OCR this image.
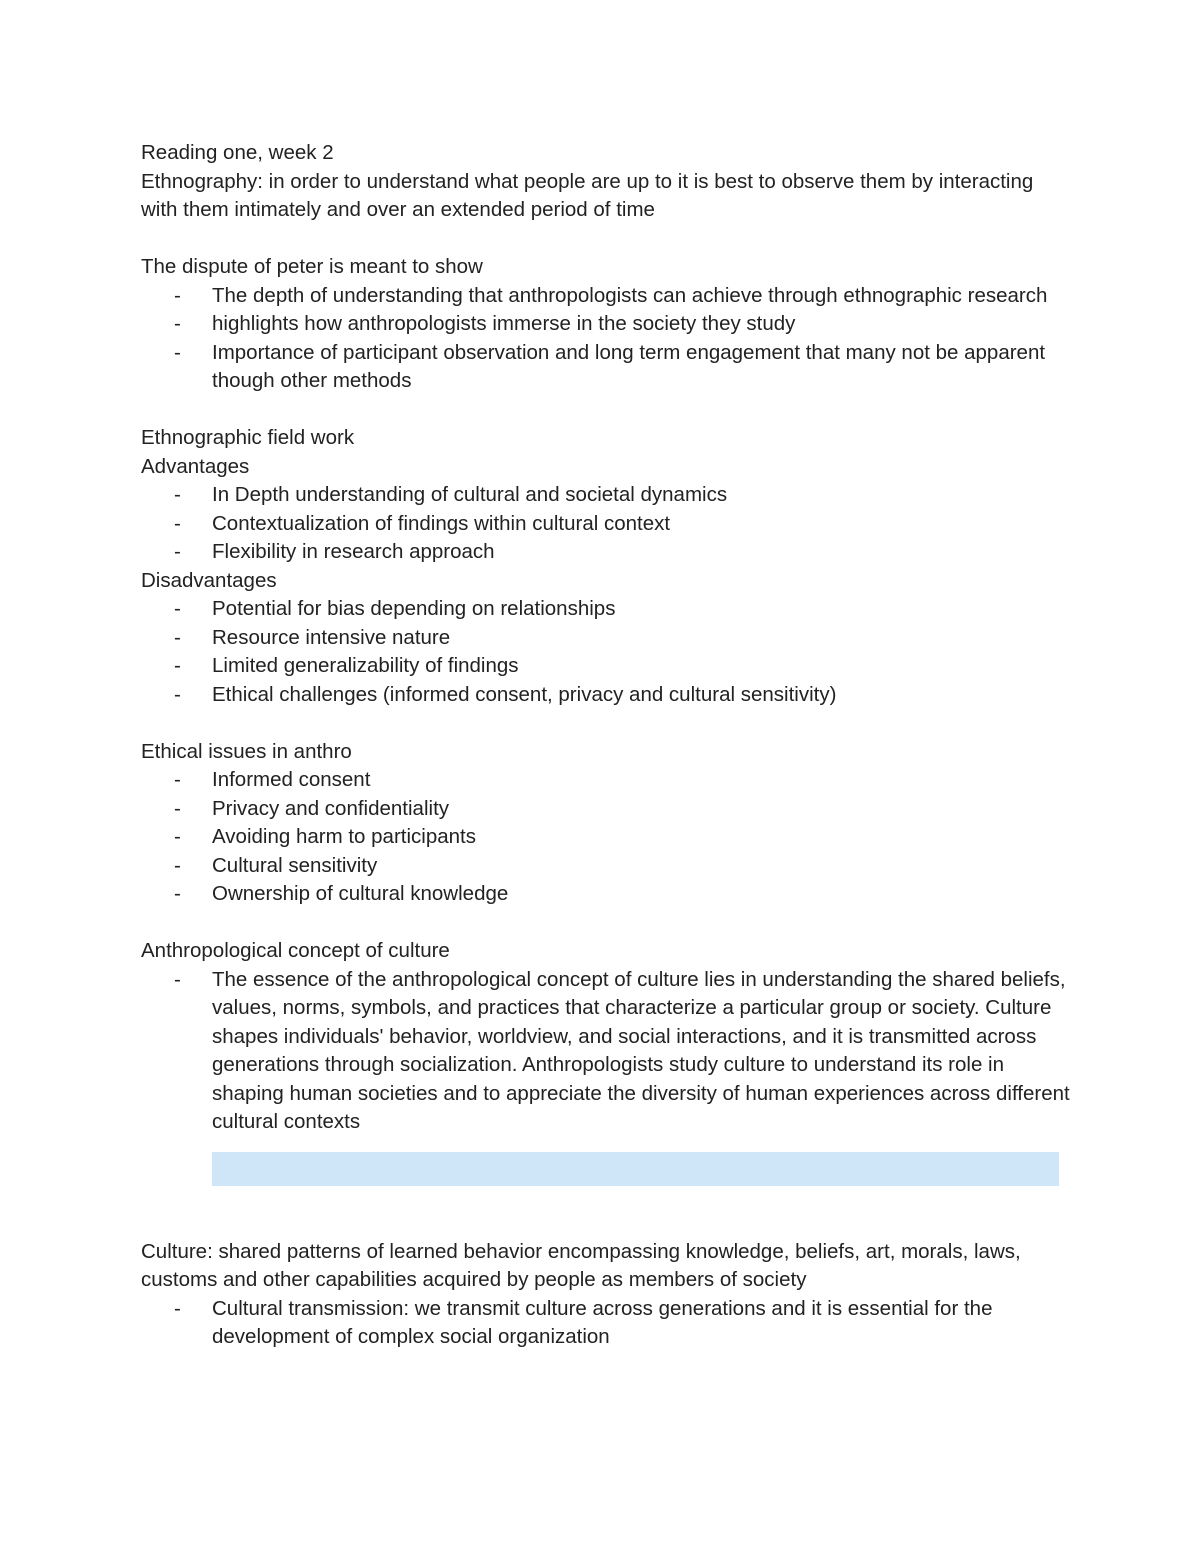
Reading one, week 2

Ethnography: in order to understand what people are up to it is best to observe them by interacting with them intimately and over an extended period of time

The dispute of peter is meant to show

- The depth of understanding that anthropologists can achieve through ethnographic research
- highlights how anthropologists immerse in the society they study
- Importance of participant observation and long term engagement that many not be apparent though other methods

Ethnographic field work

Advantages

- In Depth understanding of cultural and societal dynamics
- Contextualization of findings within cultural context
- Flexibility in research approach

Disadvantages

- Potential for bias depending on relationships
- Resource intensive nature
- Limited generalizability of findings
- Ethical challenges (informed consent, privacy and cultural sensitivity)

Ethical issues in anthro

- Informed consent
- Privacy and confidentiality
- Avoiding harm to participants
- Cultural sensitivity
- Ownership of cultural knowledge

Anthropological concept of culture

- The essence of the anthropological concept of culture lies in understanding the shared beliefs, values, norms, symbols, and practices that characterize a particular group or society. Culture shapes individuals' behavior, worldview, and social interactions, and it is transmitted across generations through socialization. Anthropologists study culture to understand its role in shaping human societies and to appreciate the diversity of human experiences across different cultural contexts

Culture: shared patterns of learned behavior encompassing knowledge, beliefs, art, morals, laws, customs and other capabilities acquired by people as members of society

- Cultural transmission: we transmit culture across generations and it is essential for the development of complex social organization
